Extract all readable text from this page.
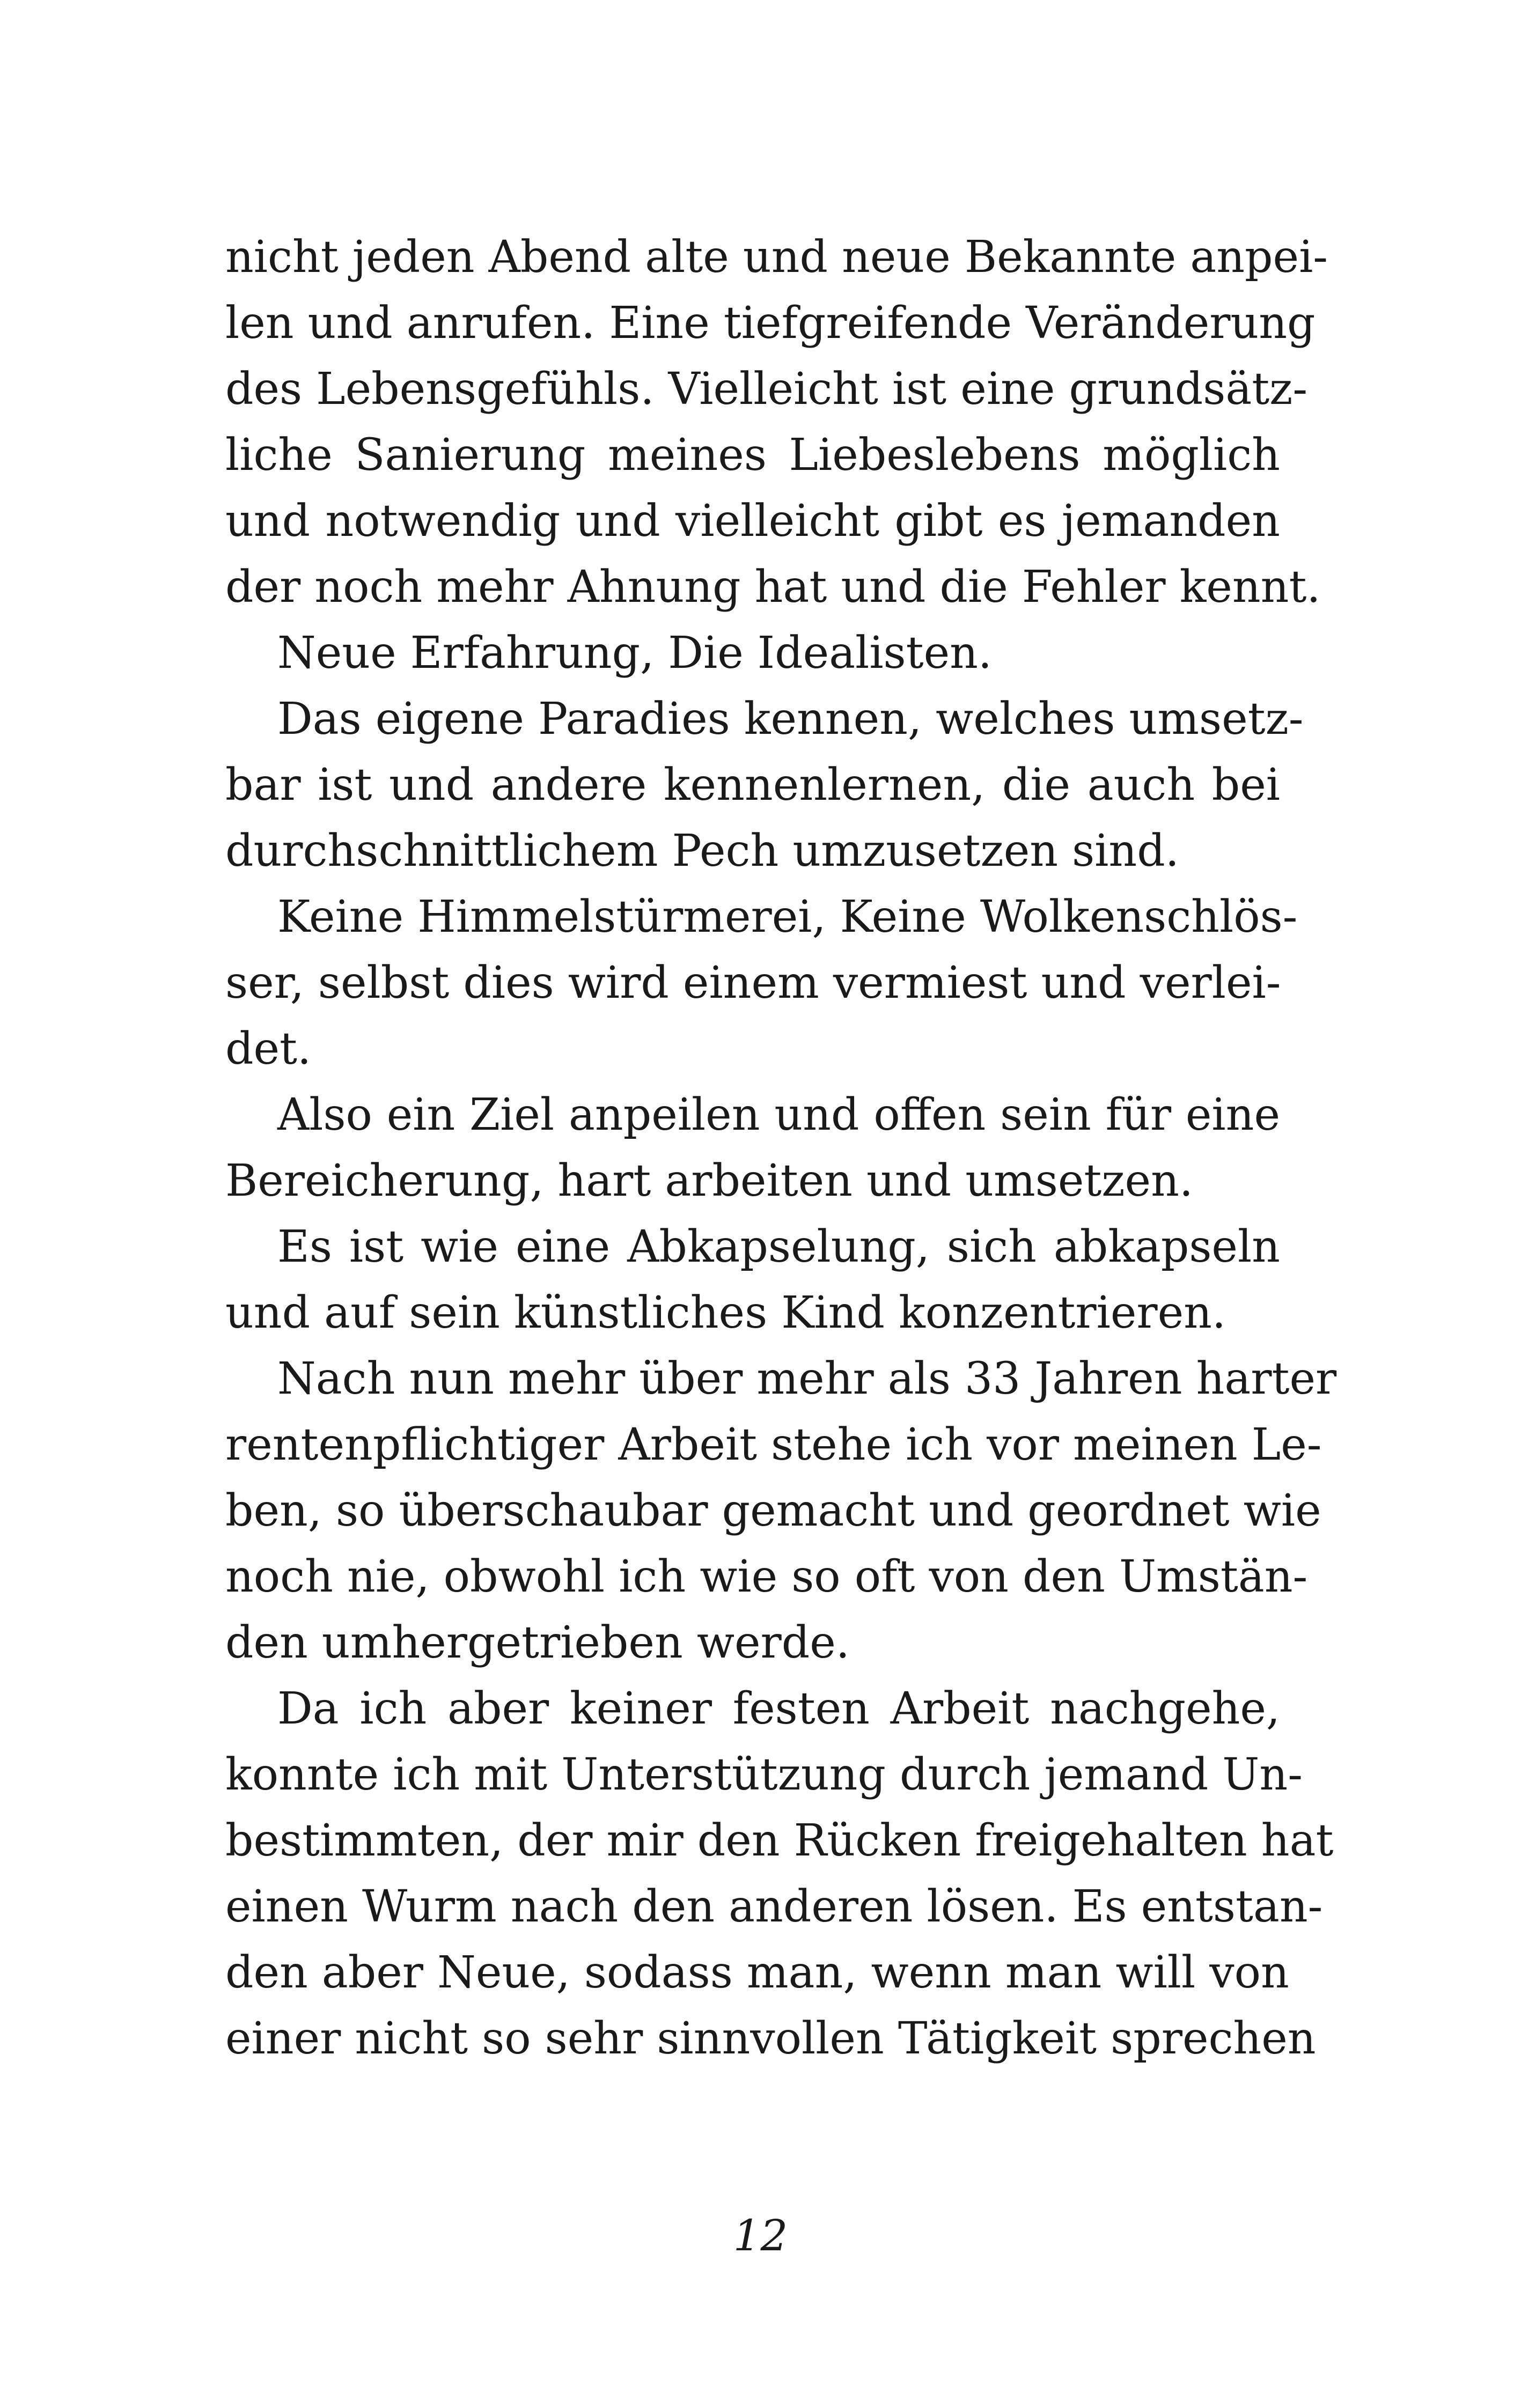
nicht jeden Abend alte und neue Bekannte anpei-
len und anrufen. Eine tiefgreifende Veränderung
des Lebensgefühls. Vielleicht ist eine grundsätz-
liche Sanierung meines Liebeslebens möglich
und notwendig und vielleicht gibt es jemanden
der noch mehr Ahnung hat und die Fehler kennt.
Neue Erfahrung, Die Idealisten.
Das eigene Paradies kennen, welches umsetz-
bar ist und andere kennenlernen, die auch bei
durchschnittlichem Pech umzusetzen sind.
Keine Himmelstürmerei, Keine Wolkenschlös-
ser, selbst dies wird einem vermiest und verlei-
det.
Also ein Ziel anpeilen und offen sein für eine
Bereicherung, hart arbeiten und umsetzen.
Es ist wie eine Abkapselung, sich abkapseln
und auf sein künstliches Kind konzentrieren.
Nach nun mehr über mehr als 33 Jahren harter
rentenpflichtiger Arbeit stehe ich vor meinen Le-
ben, so überschaubar gemacht und geordnet wie
noch nie, obwohl ich wie so oft von den Umstän-
den umhergetrieben werde.
Da ich aber keiner festen Arbeit nachgehe,
konnte ich mit Unterstützung durch jemand Un-
bestimmten, der mir den Rücken freigehalten hat
einen Wurm nach den anderen lösen. Es entstan-
den aber Neue, sodass man, wenn man will von
einer nicht so sehr sinnvollen Tätigkeit sprechen
12
